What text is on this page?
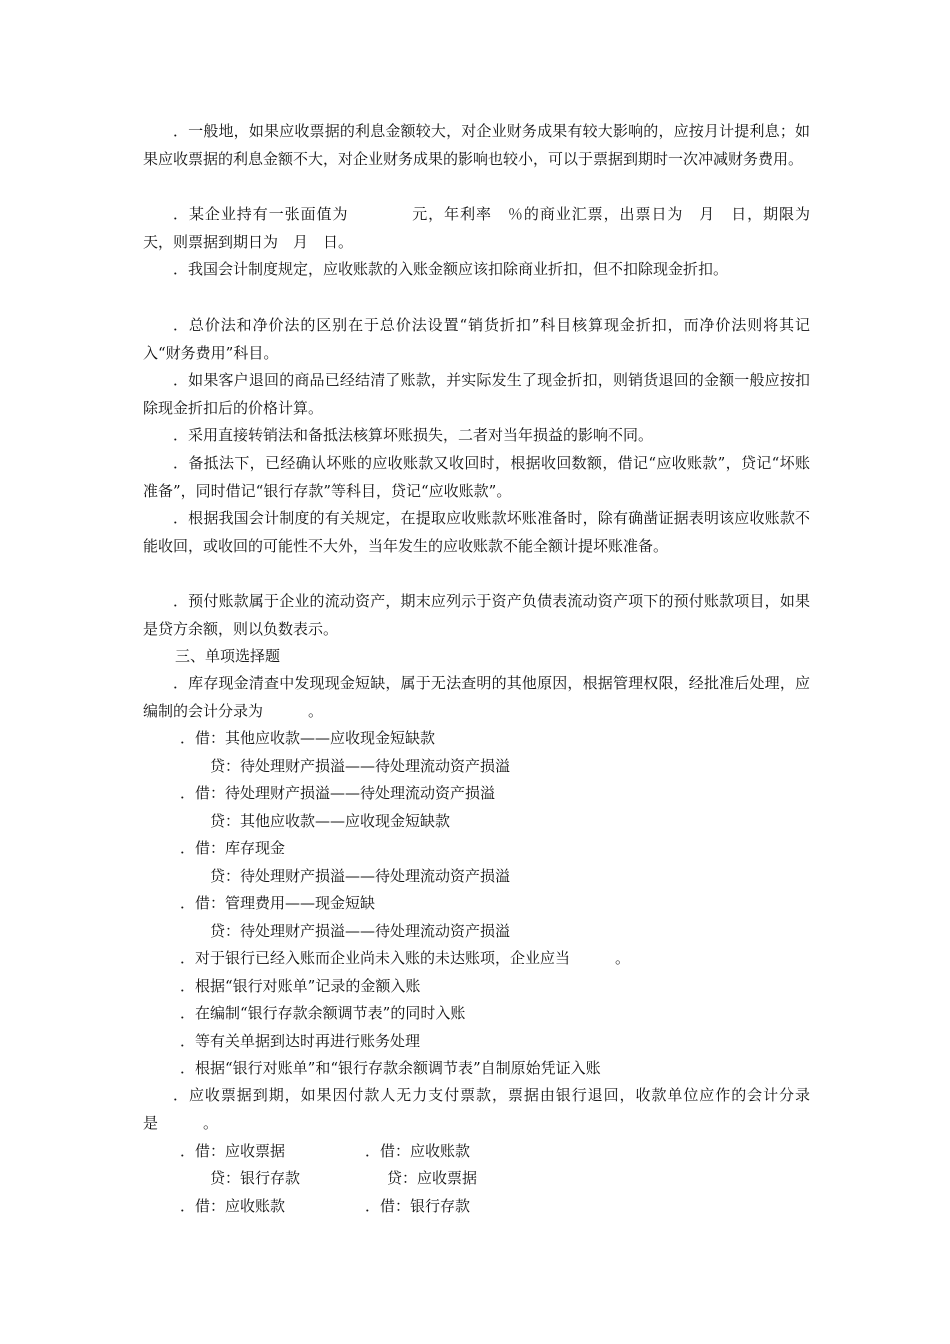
．一般地，如果应收票据的利息金额较大，对企业财务成果有较大影响的，应按月计提利息；如果应收票据的利息金额不大，对企业财务成果的影响也较小，可以于票据到期时一次冲减财务费用。

．某企业持有一张面值为　　　　元，年利率　％的商业汇票，出票日为　月　日，期限为　天，则票据到期日为　月　日。

．我国会计制度规定，应收账款的入账金额应该扣除商业折扣，但不扣除现金折扣。

．总价法和净价法的区别在于总价法设置“销货折扣”科目核算现金折扣，而净价法则将其记入“财务费用”科目。

．如果客户退回的商品已经结清了账款，并实际发生了现金折扣，则销货退回的金额一般应按扣除现金折扣后的价格计算。

．采用直接转销法和备抵法核算坏账损失，二者对当年损益的影响不同。

．备抵法下，已经确认坏账的应收账款又收回时，根据收回数额，借记“应收账款”，贷记“坏账准备”，同时借记“银行存款”等科目，贷记“应收账款”。

．根据我国会计制度的有关规定，在提取应收账款坏账准备时，除有确凿证据表明该应收账款不能收回，或收回的可能性不大外，当年发生的应收账款不能全额计提坏账准备。

．预付账款属于企业的流动资产，期末应列示于资产负债表流动资产项下的预付账款项目，如果是贷方余额，则以负数表示。

三、单项选择题

．库存现金清查中发现现金短缺，属于无法查明的其他原因，根据管理权限，经批准后处理，应编制的会计分录为　　　。

．借：其他应收款——应收现金短缺款
贷：待处理财产损溢——待处理流动资产损溢
．借：待处理财产损溢——待处理流动资产损溢
贷：其他应收款——应收现金短缺款
．借：库存现金
贷：待处理财产损溢——待处理流动资产损溢
．借：管理费用——现金短缺
贷：待处理财产损溢——待处理流动资产损溢
．对于银行已经入账而企业尚未入账的未达账项，企业应当　　　。
．根据“银行对账单”记录的金额入账
．在编制“银行存款余额调节表”的同时入账
．等有关单据到达时再进行账务处理
．根据“银行对账单”和“银行存款余额调节表”自制原始凭证入账

．应收票据到期，如果因付款人无力支付票款，票据由银行退回，收款单位应作的会计分录是　　　。

．借：应收票据	．借：应收账款
贷：银行存款	贷：应收票据
．借：应收账款	．借：银行存款
